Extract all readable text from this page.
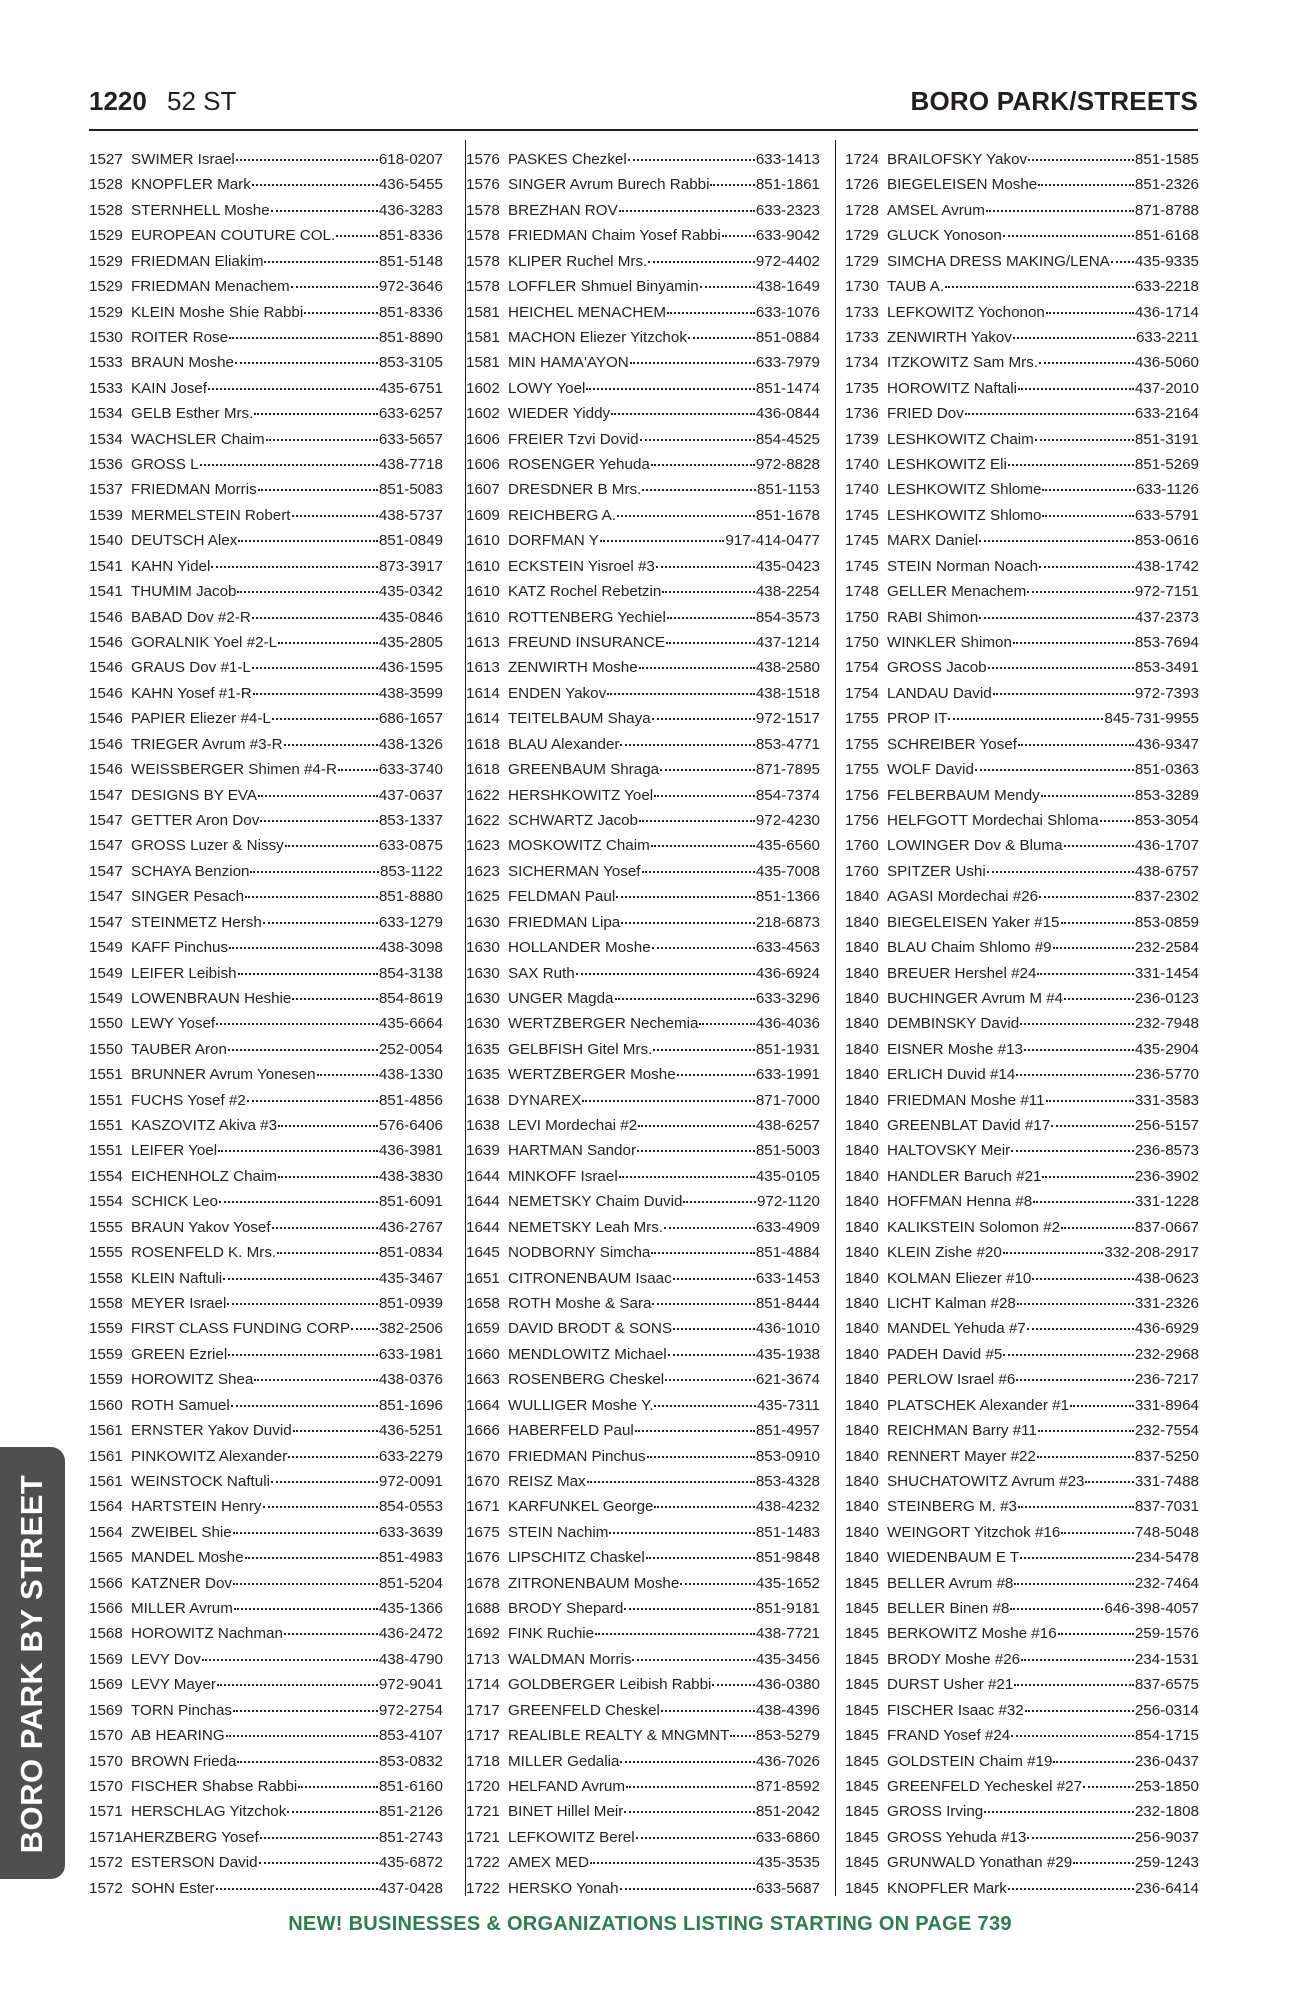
1220 52 ST	BORO PARK/STREETS
1527 SWIMER Israel	618-0207
1528 KNOPFLER Mark	436-5455
1528 STERNHELL Moshe	436-3283
1529 EUROPEAN COUTURE COL.	851-8336
1529 FRIEDMAN Eliakim	851-5148
1529 FRIEDMAN Menachem	972-3646
1529 KLEIN Moshe Shie Rabbi	851-8336
1530 ROITER Rose	851-8890
1533 BRAUN Moshe	853-3105
1533 KAIN Josef	435-6751
1534 GELB Esther Mrs.	633-6257
1534 WACHSLER Chaim	633-5657
1536 GROSS L	438-7718
1537 FRIEDMAN Morris	851-5083
1539 MERMELSTEIN Robert	438-5737
1540 DEUTSCH Alex	851-0849
1541 KAHN Yidel	873-3917
1541 THUMIM Jacob	435-0342
1546 BABAD Dov #2-R	435-0846
1546 GORALNIK Yoel #2-L	435-2805
1546 GRAUS Dov #1-L	436-1595
1546 KAHN Yosef #1-R	438-3599
1546 PAPIER Eliezer #4-L	686-1657
1546 TRIEGER Avrum #3-R	438-1326
1546 WEISSBERGER Shimen #4-R	633-3740
1547 DESIGNS BY EVA	437-0637
1547 GETTER Aron Dov	853-1337
1547 GROSS Luzer & Nissy	633-0875
1547 SCHAYA Benzion	853-1122
1547 SINGER Pesach	851-8880
1547 STEINMETZ Hersh	633-1279
1549 KAFF Pinchus	438-3098
1549 LEIFER Leibish	854-3138
1549 LOWENBRAUN Heshie	854-8619
1550 LEWY Yosef	435-6664
1550 TAUBER Aron	252-0054
1551 BRUNNER Avrum Yonesen	438-1330
1551 FUCHS Yosef #2	851-4856
1551 KASZOVITZ Akiva #3	576-6406
1551 LEIFER Yoel	436-3981
1554 EICHENHOLZ Chaim	438-3830
1554 SCHICK Leo	851-6091
1555 BRAUN Yakov Yosef	436-2767
1555 ROSENFELD K. Mrs.	851-0834
1558 KLEIN Naftuli	435-3467
1558 MEYER Israel	851-0939
1559 FIRST CLASS FUNDING CORP 382-2506
1559 GREEN Ezriel	633-1981
1559 HOROWITZ Shea	438-0376
1560 ROTH Samuel	851-1696
1561 ERNSTER Yakov Duvid	436-5251
1561 PINKOWITZ Alexander	633-2279
1561 WEINSTOCK Naftuli	972-0091
1564 HARTSTEIN Henry	854-0553
1564 ZWEIBEL Shie	633-3639
1565 MANDEL Moshe	851-4983
1566 KATZNER Dov	851-5204
1566 MILLER Avrum	435-1366
1568 HOROWITZ Nachman	436-2472
1569 LEVY Dov	438-4790
1569 LEVY Mayer	972-9041
1569 TORN Pinchas	972-2754
1570 AB HEARING	853-4107
1570 BROWN Frieda	853-0832
1570 FISCHER Shabse Rabbi	851-6160
1571 HERSCHLAG Yitzchok	851-2126
1571A HERZBERG Yosef	851-2743
1572 ESTERSON David	435-6872
1572 SOHN Ester	437-0428
1576 PASKES Chezkel	633-1413
1576 SINGER Avrum Burech Rabbi	851-1861
1578 BREZHAN ROV	633-2323
1578 FRIEDMAN Chaim Yosef Rabbi 633-9042
1578 KLIPER Ruchel Mrs.	972-4402
1578 LOFFLER Shmuel Binyamin	438-1649
1581 HEICHEL MENACHEM	633-1076
1581 MACHON Eliezer Yitzchok	851-0884
1581 MIN HAMA'AYON	633-7979
1602 LOWY Yoel	851-1474
1602 WIEDER Yiddy	436-0844
1606 FREIER Tzvi Dovid	854-4525
1606 ROSENGER Yehuda	972-8828
1607 DRESDNER B Mrs.	851-1153
1609 REICHBERG A.	851-1678
1610 DORFMAN Y	917-414-0477
1610 ECKSTEIN Yisroel #3	435-0423
1610 KATZ Rochel Rebetzin	438-2254
1610 ROTTENBERG Yechiel	854-3573
1613 FREUND INSURANCE	437-1214
1613 ZENWIRTH Moshe	438-2580
1614 ENDEN Yakov	438-1518
1614 TEITELBAUM Shaya	972-1517
1618 BLAU Alexander	853-4771
1618 GREENBAUM Shraga	871-7895
1622 HERSHKOWITZ Yoel	854-7374
1622 SCHWARTZ Jacob	972-4230
1623 MOSKOWITZ Chaim	435-6560
1623 SICHERMAN Yosef	435-7008
1625 FELDMAN Paul	851-1366
1630 FRIEDMAN Lipa	218-6873
1630 HOLLANDER Moshe	633-4563
1630 SAX Ruth	436-6924
1630 UNGER Magda	633-3296
1630 WERTZBERGER Nechemia	436-4036
1635 GELBFISH Gitel Mrs.	851-1931
1635 WERTZBERGER Moshe	633-1991
1638 DYNAREX	871-7000
1638 LEVI Mordechai #2	438-6257
1639 HARTMAN Sandor	851-5003
1644 MINKOFF Israel	435-0105
1644 NEMETSKY Chaim Duvid	972-1120
1644 NEMETSKY Leah Mrs.	633-4909
1645 NODBORNY Simcha	851-4884
1651 CITRONENBAUM Isaac	633-1453
1658 ROTH Moshe & Sara	851-8444
1659 DAVID BRODT & SONS	436-1010
1660 MENDLOWITZ Michael	435-1938
1663 ROSENBERG Cheskel	621-3674
1664 WULLIGER Moshe Y.	435-7311
1666 HABERFELD Paul	851-4957
1670 FRIEDMAN Pinchus	853-0910
1670 REISZ Max	853-4328
1671 KARFUNKEL George	438-4232
1675 STEIN Nachim	851-1483
1676 LIPSCHITZ Chaskel	851-9848
1678 ZITRONENBAUM Moshe	435-1652
1688 BRODY Shepard	851-9181
1692 FINK Ruchie	438-7721
1713 WALDMAN Morris	435-3456
1714 GOLDBERGER Leibish Rabbi	436-0380
1717 GREENFELD Cheskel	438-4396
1717 REALIBLE REALTY & MNGMNT 853-5279
1718 MILLER Gedalia	436-7026
1720 HELFAND Avrum	871-8592
1721 BINET Hillel Meir	851-2042
1721 LEFKOWITZ Berel	633-6860
1722 AMEX MED	435-3535
1722 HERSKO Yonah	633-5687
1724 BRAILOFSKY Yakov	851-1585
1726 BIEGELEISEN Moshe	851-2326
1728 AMSEL Avrum	871-8788
1729 GLUCK Yonoson	851-6168
1729 SIMCHA DRESS MAKING/LENA 435-9335
1730 TAUB A.	633-2218
1733 LEFKOWITZ Yochonon	436-1714
1733 ZENWIRTH Yakov	633-2211
1734 ITZKOWITZ Sam Mrs.	436-5060
1735 HOROWITZ Naftali	437-2010
1736 FRIED Dov	633-2164
1739 LESHKOWITZ Chaim	851-3191
1740 LESHKOWITZ Eli	851-5269
1740 LESHKOWITZ Shlome	633-1126
1745 LESHKOWITZ Shlomo	633-5791
1745 MARX Daniel	853-0616
1745 STEIN Norman Noach	438-1742
1748 GELLER Menachem	972-7151
1750 RABI Shimon	437-2373
1750 WINKLER Shimon	853-7694
1754 GROSS Jacob	853-3491
1754 LANDAU David	972-7393
1755 PROP IT	845-731-9955
1755 SCHREIBER Yosef	436-9347
1755 WOLF David	851-0363
1756 FELBERBAUM Mendy	853-3289
1756 HELFGOTT Mordechai Shloma 853-3054
1760 LOWINGER Dov & Bluma	436-1707
1760 SPITZER Ushi	438-6757
1840 AGASI Mordechai #26	837-2302
1840 BIEGELEISEN Yaker #15	853-0859
1840 BLAU Chaim Shlomo #9	232-2584
1840 BREUER Hershel #24	331-1454
1840 BUCHINGER Avrum M #4	236-0123
1840 DEMBINSKY David	232-7948
1840 EISNER Moshe #13	435-2904
1840 ERLICH Duvid #14	236-5770
1840 FRIEDMAN Moshe #11	331-3583
1840 GREENBLAT David #17	256-5157
1840 HALTOVSKY Meir	236-8573
1840 HANDLER Baruch #21	236-3902
1840 HOFFMAN Henna #8	331-1228
1840 KALIKSTEIN Solomon #2	837-0667
1840 KLEIN Zishe #20	332-208-2917
1840 KOLMAN Eliezer #10	438-0623
1840 LICHT Kalman #28	331-2326
1840 MANDEL Yehuda #7	436-6929
1840 PADEH David #5	232-2968
1840 PERLOW Israel #6	236-7217
1840 PLATSCHEK Alexander #1	331-8964
1840 REICHMAN Barry #11	232-7554
1840 RENNERT Mayer #22	837-5250
1840 SHUCHATOWITZ Avrum #23	331-7488
1840 STEINBERG M. #3	837-7031
1840 WEINGORT Yitzchok #16	748-5048
1840 WIEDENBAUM E T	234-5478
1845 BELLER Avrum #8	232-7464
1845 BELLER Binen #8	646-398-4057
1845 BERKOWITZ Moshe #16	259-1576
1845 BRODY Moshe #26	234-1531
1845 DURST Usher #21	837-6575
1845 FISCHER Isaac #32	256-0314
1845 FRAND Yosef #24	854-1715
1845 GOLDSTEIN Chaim #19	236-0437
1845 GREENFELD Yecheskel #27	253-1850
1845 GROSS Irving	232-1808
1845 GROSS Yehuda #13	256-9037
1845 GRUNWALD Yonathan #29	259-1243
1845 KNOPFLER Mark	236-6414
BORO PARK BY STREET
NEW! BUSINESSES & ORGANIZATIONS LISTING STARTING ON PAGE 739
